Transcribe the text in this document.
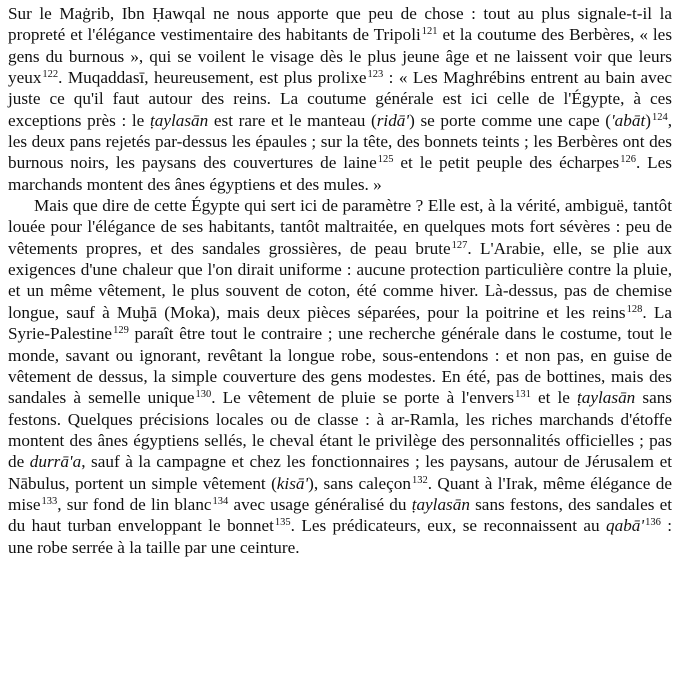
Sur le Maġrib, Ibn Ḥawqal ne nous apporte que peu de chose : tout au plus signale-t-il la propreté et l'élégance vestimentaire des habitants de Tripoli$^{121}$ et la coutume des Berbères, « les gens du burnous », qui se voilent le visage dès le plus jeune âge et ne laissent voir que leurs yeux$^{122}$. Muqaddasī, heureusement, est plus prolixe$^{123}$ : « Les Maghrébins entrent au bain avec juste ce qu'il faut autour des reins. La coutume générale est ici celle de l'Égypte, à ces exceptions près : le ṭaylasān est rare et le manteau (ridā') se porte comme une cape ('abāt)$^{124}$, les deux pans rejetés par-dessus les épaules ; sur la tête, des bonnets teints ; les Berbères ont des burnous noirs, les paysans des couvertures de laine$^{125}$ et le petit peuple des écharpes$^{126}$. Les marchands montent des ânes égyptiens et des mules. »

Mais que dire de cette Égypte qui sert ici de paramètre ? Elle est, à la vérité, ambiguë, tantôt louée pour l'élégance de ses habitants, tantôt maltraitée, en quelques mots fort sévères : peu de vêtements propres, et des sandales grossières, de peau brute$^{127}$. L'Arabie, elle, se plie aux exigences d'une chaleur que l'on dirait uniforme : aucune protection particulière contre la pluie, et un même vêtement, le plus souvent de coton, été comme hiver. Là-dessus, pas de chemise longue, sauf à Muḫā (Moka), mais deux pièces séparées, pour la poitrine et les reins$^{128}$. La Syrie-Palestine$^{129}$ paraît être tout le contraire ; une recherche générale dans le costume, tout le monde, savant ou ignorant, revêtant la longue robe, sous-entendons : et non pas, en guise de vêtement de dessus, la simple couverture des gens modestes. En été, pas de bottines, mais des sandales à semelle unique$^{130}$. Le vêtement de pluie se porte à l'envers$^{131}$ et le ṭaylasān sans festons. Quelques précisions locales ou de classe : à ar-Ramla, les riches marchands d'étoffe montent des ânes égyptiens sellés, le cheval étant le privilège des personnalités officielles ; pas de durrā'a, sauf à la campagne et chez les fonctionnaires ; les paysans, autour de Jérusalem et Nābulus, portent un simple vêtement (kisā'), sans caleçon$^{132}$. Quant à l'Irak, même élégance de mise$^{133}$, sur fond de lin blanc$^{134}$ avec usage généralisé du ṭaylasān sans festons, des sandales et du haut turban enveloppant le bonnet$^{135}$. Les prédicateurs, eux, se reconnaissent au $qabā'^{136}$ : une robe serrée à la taille par une ceinture.
